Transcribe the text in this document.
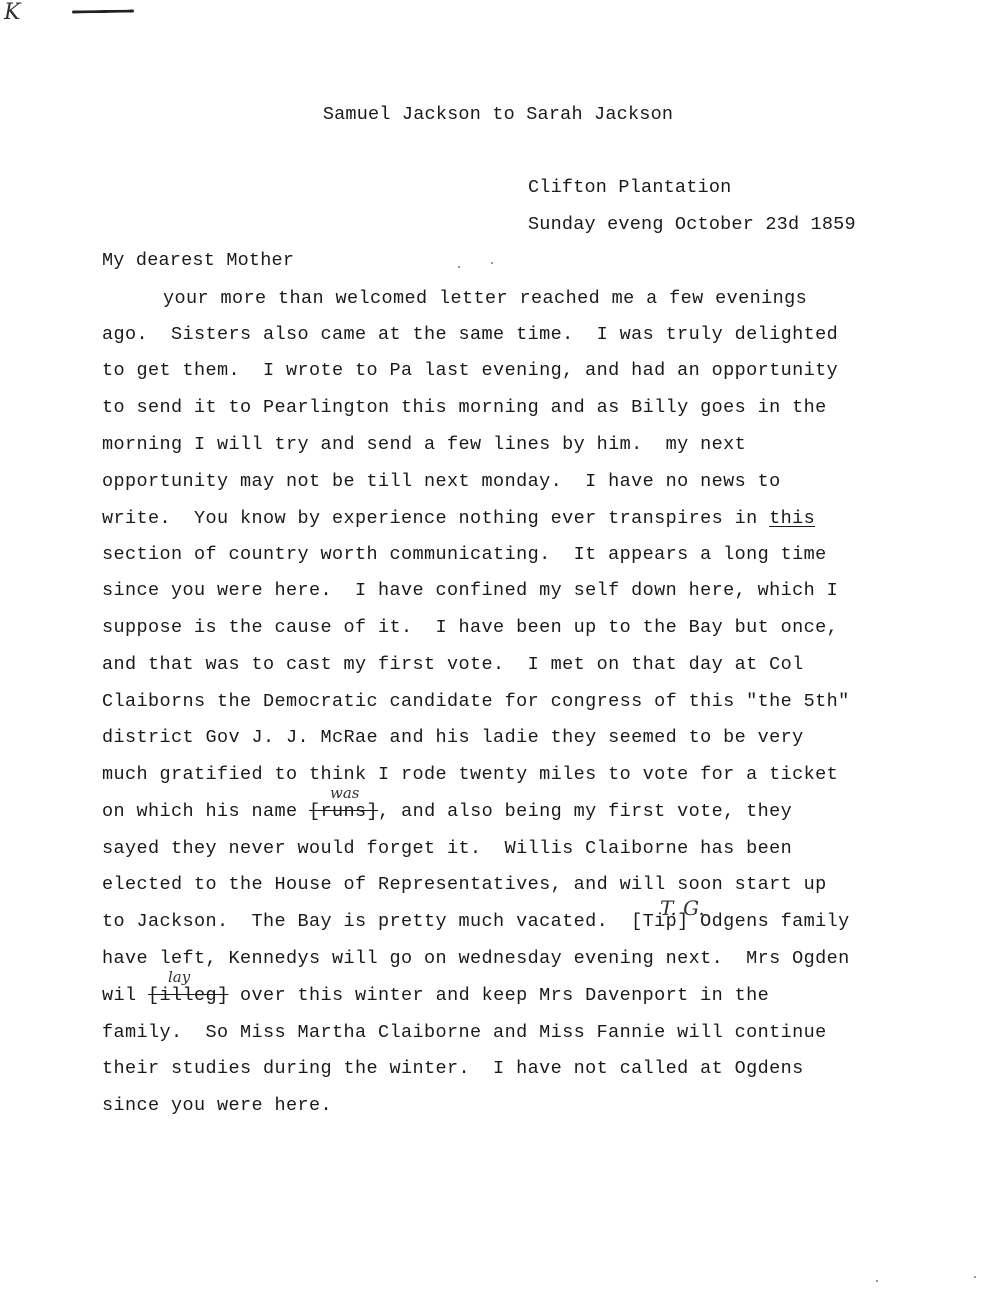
K
Samuel Jackson to Sarah Jackson
Clifton Plantation
Sunday eveng October 23d 1859
My dearest Mother
your more than welcomed letter reached me a few evenings
ago.  Sisters also came at the same time.  I was truly delighted
to get them.  I wrote to Pa last evening, and had an opportunity
to send it to Pearlington this morning and as Billy goes in the
morning I will try and send a few lines by him.  my next
opportunity may not be till next monday.  I have no news to
write.  You know by experience nothing ever transpires in this
section of country worth communicating.  It appears a long time
since you were here.  I have confined my self down here, which I
suppose is the cause of it.  I have been up to the Bay but once,
and that was to cast my first vote.  I met on that day at Col
Claiborns the Democratic candidate for congress of this "the 5th"
district Gov J. J. McRae and his ladie they seemed to be very
much gratified to think I rode twenty miles to vote for a ticket
on which his name [runs], and also being my first vote, they
was
sayed they never would forget it.  Willis Claiborne has been
elected to the House of Representatives, and will soon start up
to Jackson.  The Bay is pretty much vacated.  [Tip] Odgens family
T. G.
have left, Kennedys will go on wednesday evening next.  Mrs Ogden
wil [illeg] over this winter and keep Mrs Davenport in the
lay
family.  So Miss Martha Claiborne and Miss Fannie will continue
their studies during the winter.  I have not called at Ogdens
since you were here.
